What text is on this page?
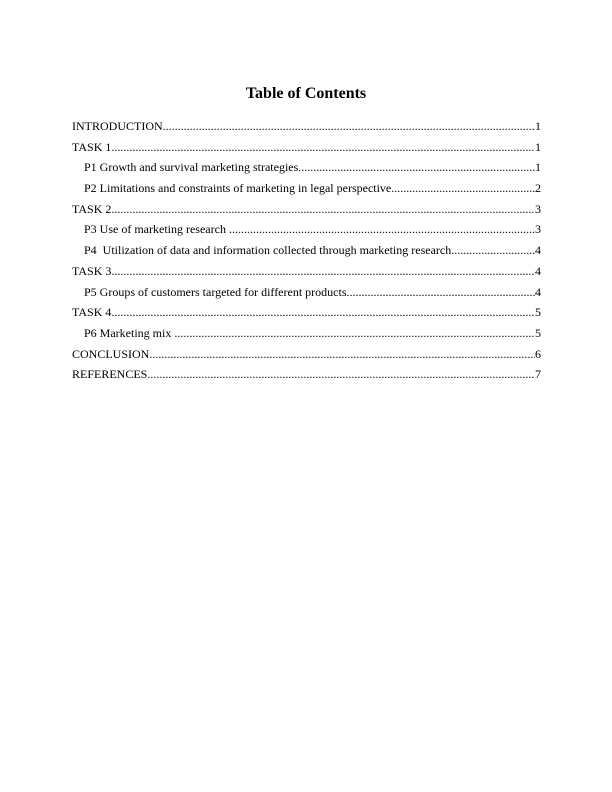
Table of Contents
INTRODUCTION .....	1
TASK 1 .....	1
P1 Growth and survival marketing strategies .....	1
P2 Limitations and constraints of marketing in legal perspective .....	2
TASK 2 .....	3
P3 Use of marketing research .....	3
P4  Utilization of data and information collected through marketing research .....	4
TASK 3 .....	4
P5 Groups of customers targeted for different products .....	4
TASK 4 .....	5
P6 Marketing mix .....	5
CONCLUSION .....	6
REFERENCES .....	7
